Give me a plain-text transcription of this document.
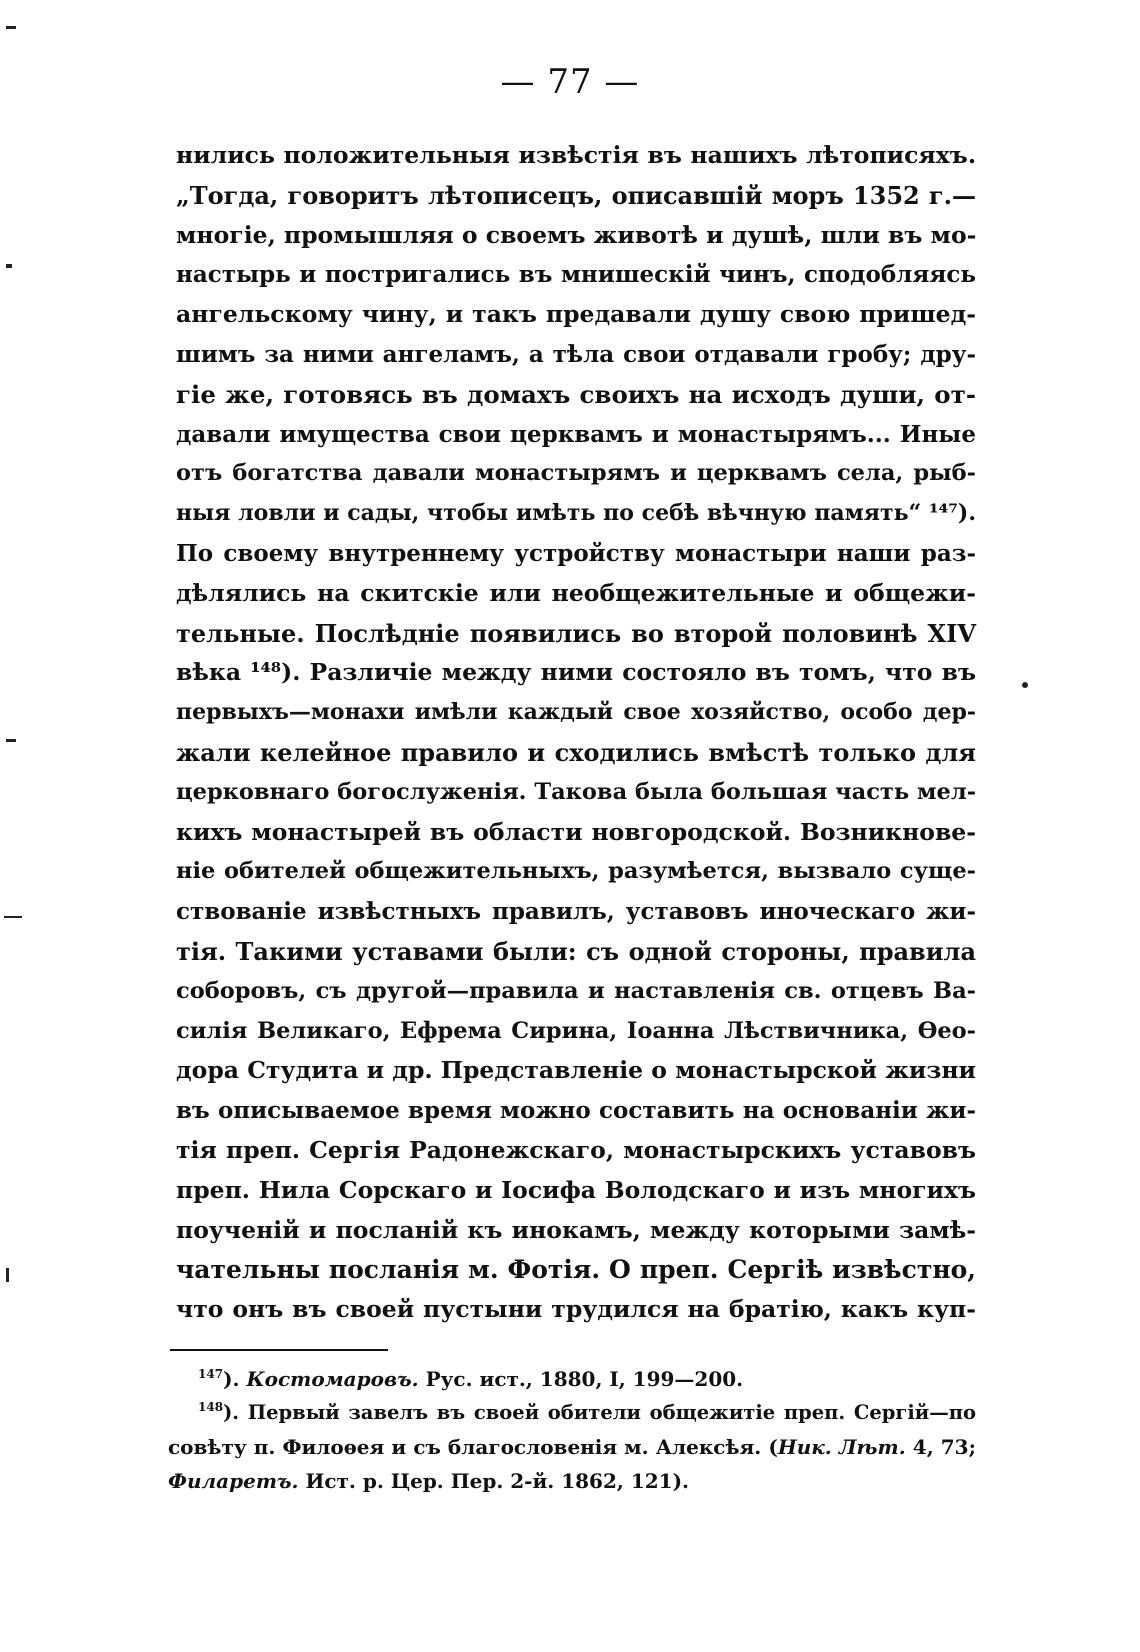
— 77 —
нились положительныя извѣстія въ нашихъ лѣтописяхъ.
„Тогда, говоритъ лѣтописецъ, описавшій моръ 1352 г.—
многіе, промышляя о своемъ животѣ и душѣ, шли въ мо-
настырь и постригались въ мнишескій чинъ, сподобляясь
ангельскому чину, и такъ предавали душу свою пришед-
шимъ за ними ангеламъ, а тѣла свои отдавали гробу; дру-
гіе же, готовясь въ домахъ своихъ на исходъ души, от-
давали имущества свои церквамъ и монастырямъ... Иные
отъ богатства давали монастырямъ и церквамъ села, рыб-
ныя ловли и сады, чтобы имѣть по себѣ вѣчную память“ ¹⁴⁷).
По своему внутреннему устройству монастыри наши раз-
дѣлялись на скитскіе или необщежительные и общежи-
тельные. Послѣдніе появились во второй половинѣ XIV
вѣка ¹⁴⁸). Различіе между ними состояло въ томъ, что въ
первыхъ—монахи имѣли каждый свое хозяйство, особо дер-
жали келейное правило и сходились вмѣстѣ только для
церковнаго богослуженія. Такова была большая часть мел-
кихъ монастырей въ области новгородской. Возникнове-
ніе обителей общежительныхъ, разумѣется, вызвало суще-
ствованіе извѣстныхъ правилъ, уставовъ иноческаго жи-
тія. Такими уставами были: съ одной стороны, правила
соборовъ, съ другой—правила и наставленія св. отцевъ Ва-
силія Великаго, Ефрема Сирина, Іоанна Лѣствичника, Ѳео-
дора Студита и др. Представленіе о монастырской жизни
въ описываемое время можно составить на основаніи жи-
тія преп. Сергія Радонежскаго, монастырскихъ уставовъ
преп. Нила Сорскаго и Іосифа Володскаго и изъ многихъ
поученій и посланій къ инокамъ, между которыми замѣ-
чательны посланія м. Фотія. О преп. Сергіѣ извѣстно,
что онъ въ своей пустыни трудился на братію, какъ куп-
$^{147}$). Костомаровъ. Рус. ист., 1880, I, 199—200.
$^{148}$). Первый завелъ въ своей обители общежитіе преп. Сергій—по
совѣту п. Филоѳея и съ благословенія м. Алексѣя. (Ник. Лѣт. 4, 73;
Филаретъ. Ист. р. Цер. Пер. 2-й. 1862, 121).
